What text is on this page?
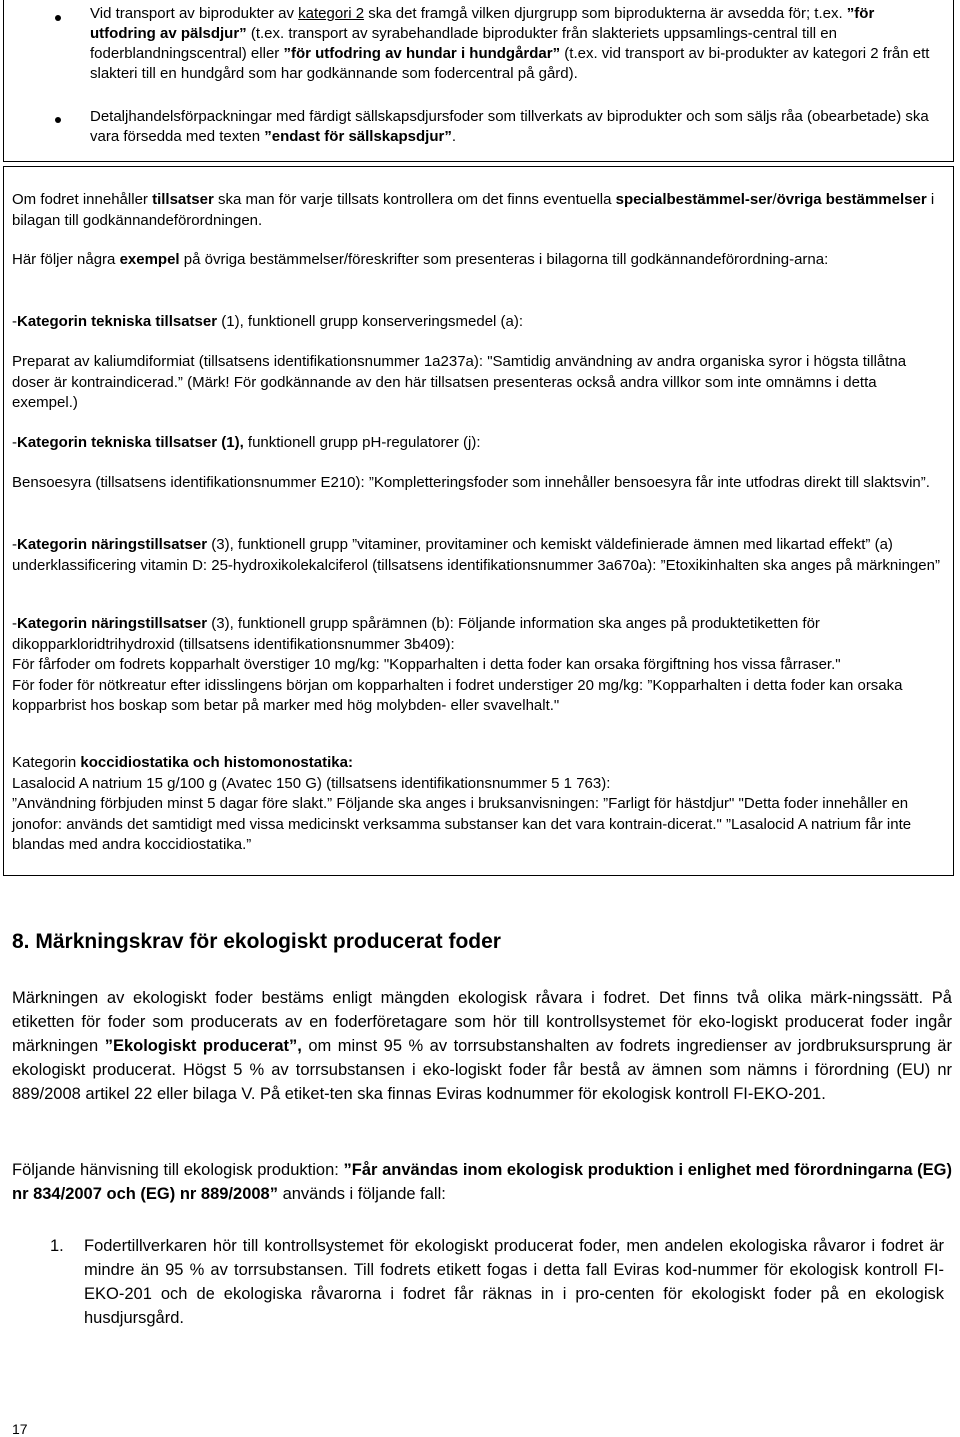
Vid transport av biprodukter av kategori 2 ska det framgå vilken djurgrupp som biprodukterna är avsedda för; t.ex. ”för utfodring av pälsdjur” (t.ex. transport av syrabehandlade biprodukter från slakteriets uppsamlings-central till en foderblandningscentral) eller ”för utfodring av hundar i hundgårdar” (t.ex. vid transport av bi-produkter av kategori 2 från ett slakteri till en hundgård som har godkännande som fodercentral på gård).
Detaljhandelsförpackningar med färdigt sällskapsdjursfoder som tillverkats av biprodukter och som säljs råa (obearbetade) ska vara försedda med texten ”endast för sällskapsdjur”.
Om fodret innehåller tillsatser ska man för varje tillsats kontrollera om det finns eventuella specialbestämmel-ser/övriga bestämmelser i bilagan till godkännandeförordningen.
Här följer några exempel på övriga bestämmelser/föreskrifter som presenteras i bilagorna till godkännandeförordning-arna:
-Kategorin tekniska tillsatser (1), funktionell grupp konserveringsmedel (a):
Preparat av kaliumdiformiat (tillsatsens identifikationsnummer 1a237a): "Samtidig användning av andra organiska syror i högsta tillåtna doser är kontraindicerad.” (Märk! För godkännande av den här tillsatsen presenteras också andra villkor som inte omnämns i detta exempel.)
-Kategorin tekniska tillsatser (1), funktionell grupp pH-regulatorer (j):
Bensoesyra (tillsatsens identifikationsnummer E210): ”Kompletteringsfoder som innehåller bensoesyra får inte utfodras direkt till slaktsvin”.
-Kategorin näringstillsatser (3), funktionell grupp ”vitaminer, provitaminer och kemiskt väldefinierade ämnen med likartad effekt” (a) underklassificering vitamin D: 25-hydroxikolekalciferol (tillsatsens identifikationsnummer 3a670a): ”Etoxikinhalten ska anges på märkningen”
-Kategorin näringstillsatser (3), funktionell grupp spårämnen (b): Följande information ska anges på produktetiketten för dikopparkloridtrihydroxid (tillsatsens identifikationsnummer 3b409):
För fårfoder om fodrets kopparhalt överstiger 10 mg/kg: "Kopparhalten i detta foder kan orsaka förgiftning hos vissa fårraser."
För foder för nötkreatur efter idisslingens början om kopparhalten i fodret understiger 20 mg/kg: ”Kopparhalten i detta foder kan orsaka kopparbrist hos boskap som betar på marker med hög molybden- eller svavelhalt."
Kategorin koccidiostatika och histomonostatika:
Lasalocid A natrium 15 g/100 g (Avatec 150 G) (tillsatsens identifikationsnummer 5 1 763):
”Användning förbjuden minst 5 dagar före slakt.” Följande ska anges i bruksanvisningen: ”Farligt för hästdjur" "Detta foder innehåller en jonofor: används det samtidigt med vissa medicinskt verksamma substanser kan det vara kontrain-dicerat." ”Lasalocid A natrium får inte blandas med andra koccidiostatika.”
8. Märkningskrav för ekologiskt producerat foder
Märkningen av ekologiskt foder bestäms enligt mängden ekologisk råvara i fodret. Det finns två olika märk-ningssätt. På etiketten för foder som producerats av en foderföretagare som hör till kontrollsystemet för eko-logiskt producerat foder ingår märkningen ”Ekologiskt producerat”, om minst 95 % av torrsubstanshalten av fodrets ingredienser av jordbruksursprung är ekologiskt producerat. Högst 5 % av torrsubstansen i eko-logiskt foder får bestå av ämnen som nämns i förordning (EU) nr 889/2008 artikel 22 eller bilaga V. På etiket-ten ska finnas Eviras kodnummer för ekologisk kontroll FI-EKO-201.
Följande hänvisning till ekologisk produktion: ”Får användas inom ekologisk produktion i enlighet med förordningarna (EG) nr 834/2007 och (EG) nr 889/2008” används i följande fall:
1. Fodertillverkaren hör till kontrollsystemet för ekologiskt producerat foder, men andelen ekologiska råvaror i fodret är mindre än 95 % av torrsubstansen. Till fodrets etikett fogas i detta fall Eviras kod-nummer för ekologisk kontroll FI-EKO-201 och de ekologiska råvarorna i fodret får räknas in i pro-centen för ekologiskt foder på en ekologisk husdjursgård.
17
